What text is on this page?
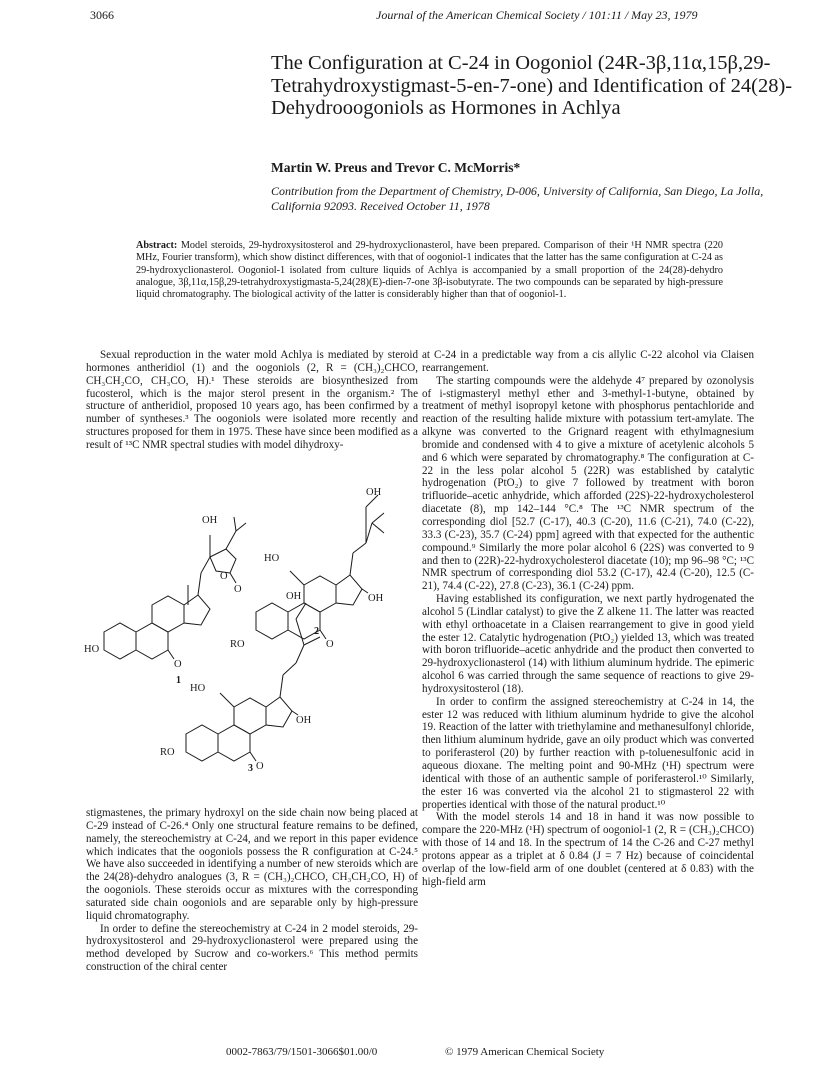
3066	Journal of the American Chemical Society / 101:11 / May 23, 1979
The Configuration at C-24 in Oogoniol (24R-3β,11α,15β,29-Tetrahydroxystigmast-5-en-7-one) and Identification of 24(28)-Dehydrooogoniols as Hormones in Achlya
Martin W. Preus and Trevor C. McMorris*
Contribution from the Department of Chemistry, D-006, University of California, San Diego, La Jolla, California 92093. Received October 11, 1978
Abstract: Model steroids, 29-hydroxysitosterol and 29-hydroxyclionasterol, have been prepared. Comparison of their ¹H NMR spectra (220 MHz, Fourier transform), which show distinct differences, with that of oogoniol-1 indicates that the latter has the same configuration at C-24 as 29-hydroxyclionasterol. Oogoniol-1 isolated from culture liquids of Achlya is accompanied by a small proportion of the 24(28)-dehydro analogue, 3β,11α,15β,29-tetrahydroxystigmasta-5,24(28)(E)-dien-7-one 3β-isobutyrate. The two compounds can be separated by high-pressure liquid chromatography. The biological activity of the latter is considerably higher than that of oogoniol-1.

Sexual reproduction in the water mold Achlya is mediated by steroid hormones antheridiol (1) and the oogoniols (2, R = (CH₃)₂CHCO, CH₃CH₂CO, CH₃CO, H).¹ These steroids are biosynthesized from fucosterol, which is the major sterol present in the organism.² The structure of antheridiol, proposed 10 years ago, has been confirmed by a number of syntheses.³ The oogoniols were isolated more recently and structures proposed for them in 1975. These have since been modified as a result of ¹³C NMR spectral studies with model dihydroxy-

HO
OH
O
O
O
1
RO
HO
O
OH
OH
2
RO
HO
O
OH
OH
3

stigmastenes, the primary hydroxyl on the side chain now being placed at C-29 instead of C-26.⁴ Only one structural feature remains to be defined, namely, the stereochemistry at C-24, and we report in this paper evidence which indicates that the oogoniols possess the R configuration at C-24.⁵ We have also succeeded in identifying a number of new steroids which are the 24(28)-dehydro analogues (3, R = (CH₃)₂CHCO, CH₃CH₂CO, H) of the oogoniols. These steroids occur as mixtures with the corresponding saturated side chain oogoniols and are separable only by high-pressure liquid chromatography.

In order to define the stereochemistry at C-24 in 2 model steroids, 29-hydroxysitosterol and 29-hydroxyclionasterol were prepared using the method developed by Sucrow and co-workers.⁶ This method permits construction of the chiral center

at C-24 in a predictable way from a cis allylic C-22 alcohol via Claisen rearrangement.

The starting compounds were the aldehyde 4⁷ prepared by ozonolysis of i-stigmasteryl methyl ether and 3-methyl-1-butyne, obtained by treatment of methyl isopropyl ketone with phosphorus pentachloride and reaction of the resulting halide mixture with potassium tert-amylate. The alkyne was converted to the Grignard reagent with ethylmagnesium bromide and condensed with 4 to give a mixture of acetylenic alcohols 5 and 6 which were separated by chromatography.⁸ The configuration at C-22 in the less polar alcohol 5 (22R) was established by catalytic hydrogenation (PtO₂) to give 7 followed by treatment with boron trifluoride–acetic anhydride, which afforded (22S)-22-hydroxycholesterol diacetate (8), mp 142–144 °C.⁸ The ¹³C NMR spectrum of the corresponding diol [52.7 (C-17), 40.3 (C-20), 11.6 (C-21), 74.0 (C-22), 33.3 (C-23), 35.7 (C-24) ppm] agreed with that expected for the authentic compound.⁹ Similarly the more polar alcohol 6 (22S) was converted to 9 and then to (22R)-22-hydroxycholesterol diacetate (10); mp 96–98 °C; ¹³C NMR spectrum of corresponding diol 53.2 (C-17), 42.4 (C-20), 12.5 (C-21), 74.4 (C-22), 27.8 (C-23), 36.1 (C-24) ppm.

Having established its configuration, we next partly hydrogenated the alcohol 5 (Lindlar catalyst) to give the Z alkene 11. The latter was reacted with ethyl orthoacetate in a Claisen rearrangement to give in good yield the ester 12. Catalytic hydrogenation (PtO₂) yielded 13, which was treated with boron trifluoride–acetic anhydride and the product then converted to 29-hydroxyclionasterol (14) with lithium aluminum hydride. The epimeric alcohol 6 was carried through the same sequence of reactions to give 29-hydroxysitosterol (18).

In order to confirm the assigned stereochemistry at C-24 in 14, the ester 12 was reduced with lithium aluminum hydride to give the alcohol 19. Reaction of the latter with triethylamine and methanesulfonyl chloride, then lithium aluminum hydride, gave an oily product which was converted to poriferasterol (20) by further reaction with p-toluenesulfonic acid in aqueous dioxane. The melting point and 90-MHz (¹H) spectrum were identical with those of an authentic sample of poriferasterol.¹⁰ Similarly, the ester 16 was converted via the alcohol 21 to stigmasterol 22 with properties identical with those of the natural product.¹⁰

With the model sterols 14 and 18 in hand it was now possible to compare the 220-MHz (¹H) spectrum of oogoniol-1 (2, R = (CH₃)₂CHCO) with those of 14 and 18. In the spectrum of 14 the C-26 and C-27 methyl protons appear as a triplet at δ 0.84 (J = 7 Hz) because of coincidental overlap of the low-field arm of one doublet (centered at δ 0.83) with the high-field arm

0002-7863/79/1501-3066$01.00/0	© 1979 American Chemical Society
